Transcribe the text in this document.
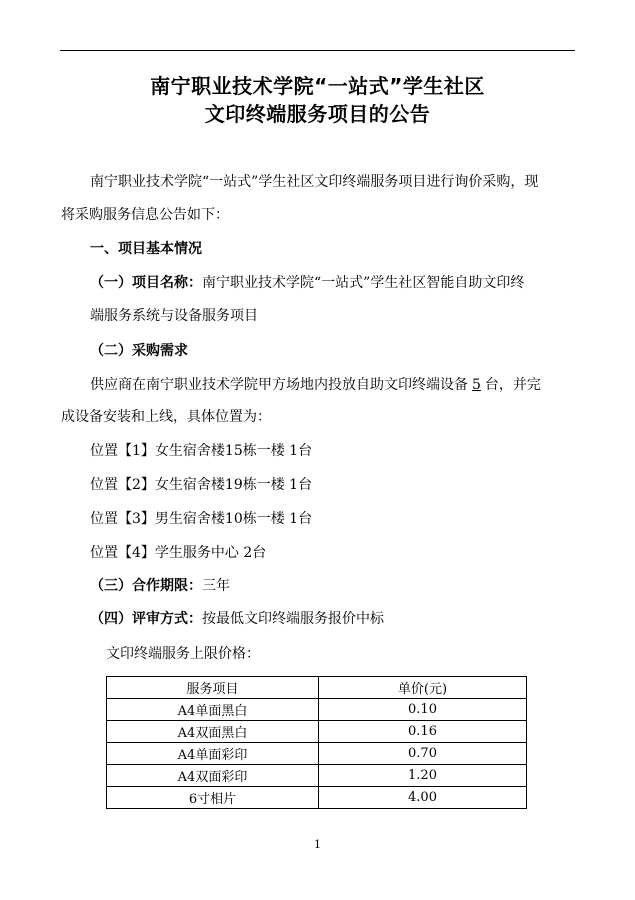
南宁职业技术学院“一站式”学生社区
文印终端服务项目的公告
南宁职业技术学院“一站式”学生社区文印终端服务项目进行询价采购，现
将采购服务信息公告如下：
一、项目基本情况
（一）项目名称：南宁职业技术学院“一站式”学生社区智能自助文印终
端服务系统与设备服务项目
（二）采购需求
供应商在南宁职业技术学院甲方场地内投放自助文印终端设备 5 台，并完
成设备安装和上线，具体位置为：
位置【1】女生宿舍楼15栋一楼 1台
位置【2】女生宿舍楼19栋一楼 1台
位置【3】男生宿舍楼10栋一楼 1台
位置【4】学生服务中心 2台
（三）合作期限：三年
（四）评审方式：按最低文印终端服务报价中标
文印终端服务上限价格：
服务项目	单价(元)
A4单面黑白	0.10
A4双面黑白	0.16
A4单面彩印	0.70
A4双面彩印	1.20
6寸相片	4.00
1
